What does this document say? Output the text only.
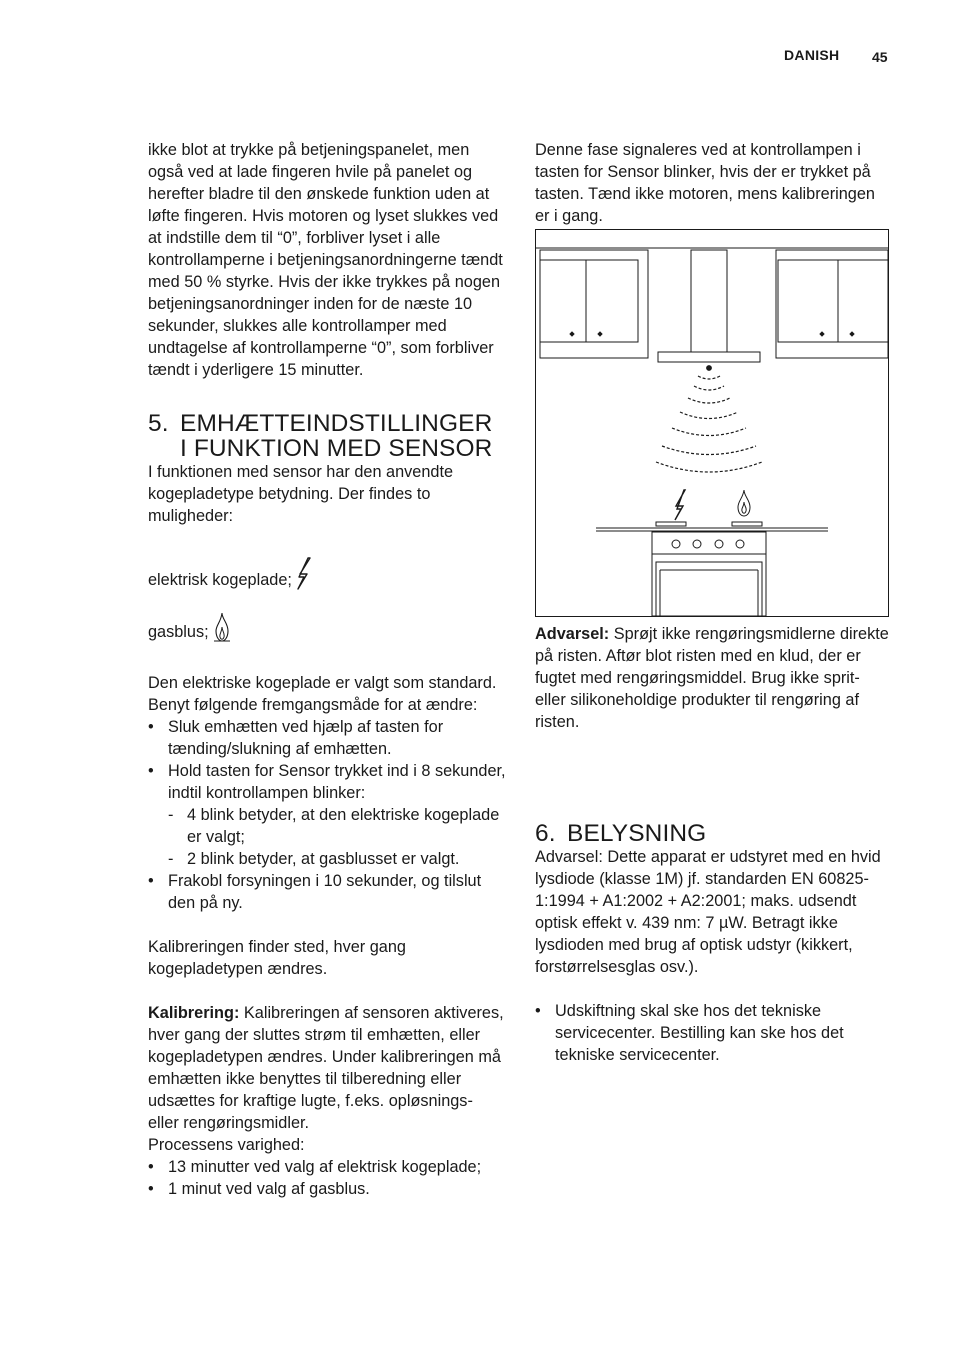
DANISH 45

ikke blot at trykke på betjeningspanelet, men også ved at lade fingeren hvile på panelet og herefter bladre til den ønskede funktion uden at løfte fingeren. Hvis motoren og lyset slukkes ved at indstille dem til “0”, forbliver lyset i alle kontrollamperne i betjeningsanordningerne tændt med 50 % styrke. Hvis der ikke trykkes på nogen betjeningsanordninger inden for de næste 10 sekunder, slukkes alle kontrollamper med undtagelse af kontrollamperne “0”, som forbliver tændt i yderligere 15 minutter.

5. EMHÆTTEINDSTILLINGER
I FUNKTION MED SENSOR

I funktionen med sensor har den anvendte kogepladetype betydning. Der findes to muligheder:

elektrisk kogeplade;
gasblus;

Den elektriske kogeplade er valgt som standard. Benyt følgende fremgangsmåde for at ændre:

• Sluk emhætten ved hjælp af tasten for tænding/slukning af emhætten.
• Hold tasten for Sensor trykket ind i 8 sekunder, indtil kontrollampen blinker:
- 4 blink betyder, at den elektriske kogeplade er valgt;
- 2 blink betyder, at gasblusset er valgt.
• Frakobl forsyningen i 10 sekunder, og tilslut den på ny.

Kalibreringen finder sted, hver gang kogepladetypen ændres.

Kalibrering: Kalibreringen af sensoren aktiveres, hver gang der sluttes strøm til emhætten, eller kogepladetypen ændres. Under kalibreringen må emhætten ikke benyttes til tilberedning eller udsættes for kraftige lugte, f.eks. opløsnings- eller rengøringsmidler.

Processens varighed:

• 13 minutter ved valg af elektrisk kogeplade;
• 1 minut ved valg af gasblus.

Denne fase signaleres ved at kontrollampen i tasten for Sensor blinker, hvis der er trykket på tasten. Tænd ikke motoren, mens kalibreringen er i gang.

Advarsel: Sprøjt ikke rengøringsmidlerne direkte på risten. Aftør blot risten med en klud, der er fugtet med rengøringsmiddel. Brug ikke sprit- eller silikoneholdige produkter til rengøring af risten.

6. BELYSNING

Advarsel: Dette apparat er udstyret med en hvid lysdiode (klasse 1M) jf. standarden EN 60825-1:1994 + A1:2002 + A2:2001; maks. udsendt optisk effekt v. 439 nm: 7 µW. Betragt ikke lysdioden med brug af optisk udstyr (kikkert, forstørrelsesglas osv.).

• Udskiftning skal ske hos det tekniske servicecenter. Bestilling kan ske hos det tekniske servicecenter.
